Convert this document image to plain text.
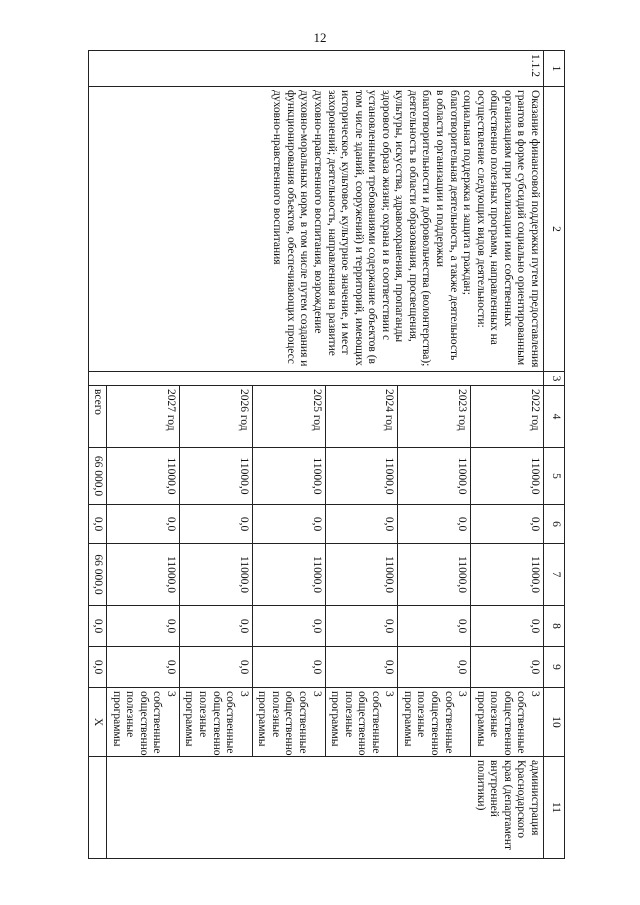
12
1	2	3	4	5	6	7	8	9	10	11
1.1.2	Оказание финансовой поддержки путем предоставления грантов в форме субсидий социально ориентированным организациям при реализации ими собственных общественно полезных программ, направленных на осуществление следующих видов деятельности: социальная поддержка и защита граждан; благотворительная деятельность, а также деятельность в области организации и поддержки благотворительности и добровольчества (волонтерства); деятельность в области образования, просвещения, культуры, искусства, здравоохранения, пропаганды здорового образа жизни; охрана и в соответствии с установленными требованиями содержание объектов (в том числе зданий, сооружений) и территорий, имеющих историческое, культовое, культурное значение, и мест захоронений; деятельность, направленная на развитие духовно-нравственного воспитания, возрождение духовно-моральных норм, в том числе путем создания и функционирования объектов, обеспечивающих процесс духовно-нравственного воспитания		2022 год	11000,0	0,0	11000,0	0,0	0,0	3 собственные общественно полезные программы	администрация Краснодарского края (департамент внутренней политики)
			2023 год	11000,0	0,0	11000,0	0,0	0,0	3 собственные общественно полезные программы	
			2024 год	11000,0	0,0	11000,0	0,0	0,0	3 собственные общественно полезные программы	
			2025 год	11000,0	0,0	11000,0	0,0	0,0	3 собственные общественно полезные программы	
			2026 год	11000,0	0,0	11000,0	0,0	0,0	3 собственные общественно полезные программы	
			2027 год	11000,0	0,0	11000,0	0,0	0,0	3 собственные общественно полезные программы	
			всего	66 000,0	0,0	66 000,0	0,0	0,0	Х	
